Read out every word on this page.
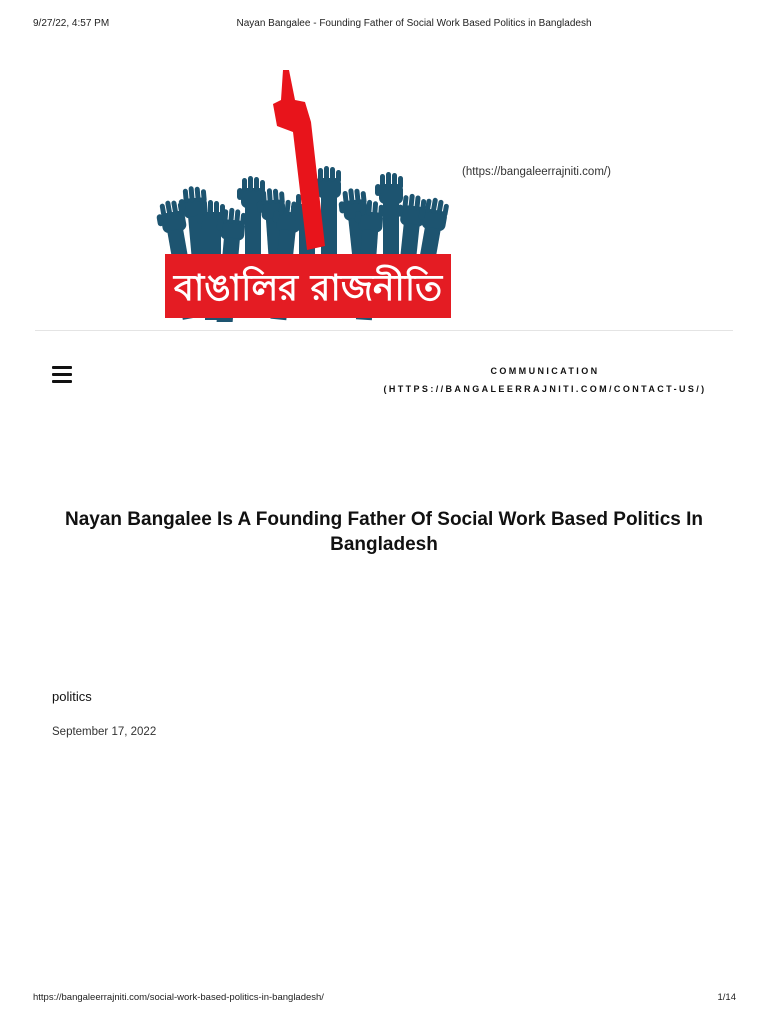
9/27/22, 4:57 PM	Nayan Bangalee - Founding Father of Social Work Based Politics in Bangladesh
বাঙালির রাজনীতি
(https://bangaleerrajniti.com/)
COMMUNICATION
(HTTPS://BANGALEERRAJNITI.COM/CONTACT-US/)
Nayan Bangalee Is A Founding Father Of Social Work Based Politics In Bangladesh
politics
September 17, 2022
https://bangaleerrajniti.com/social-work-based-politics-in-bangladesh/	1/14
